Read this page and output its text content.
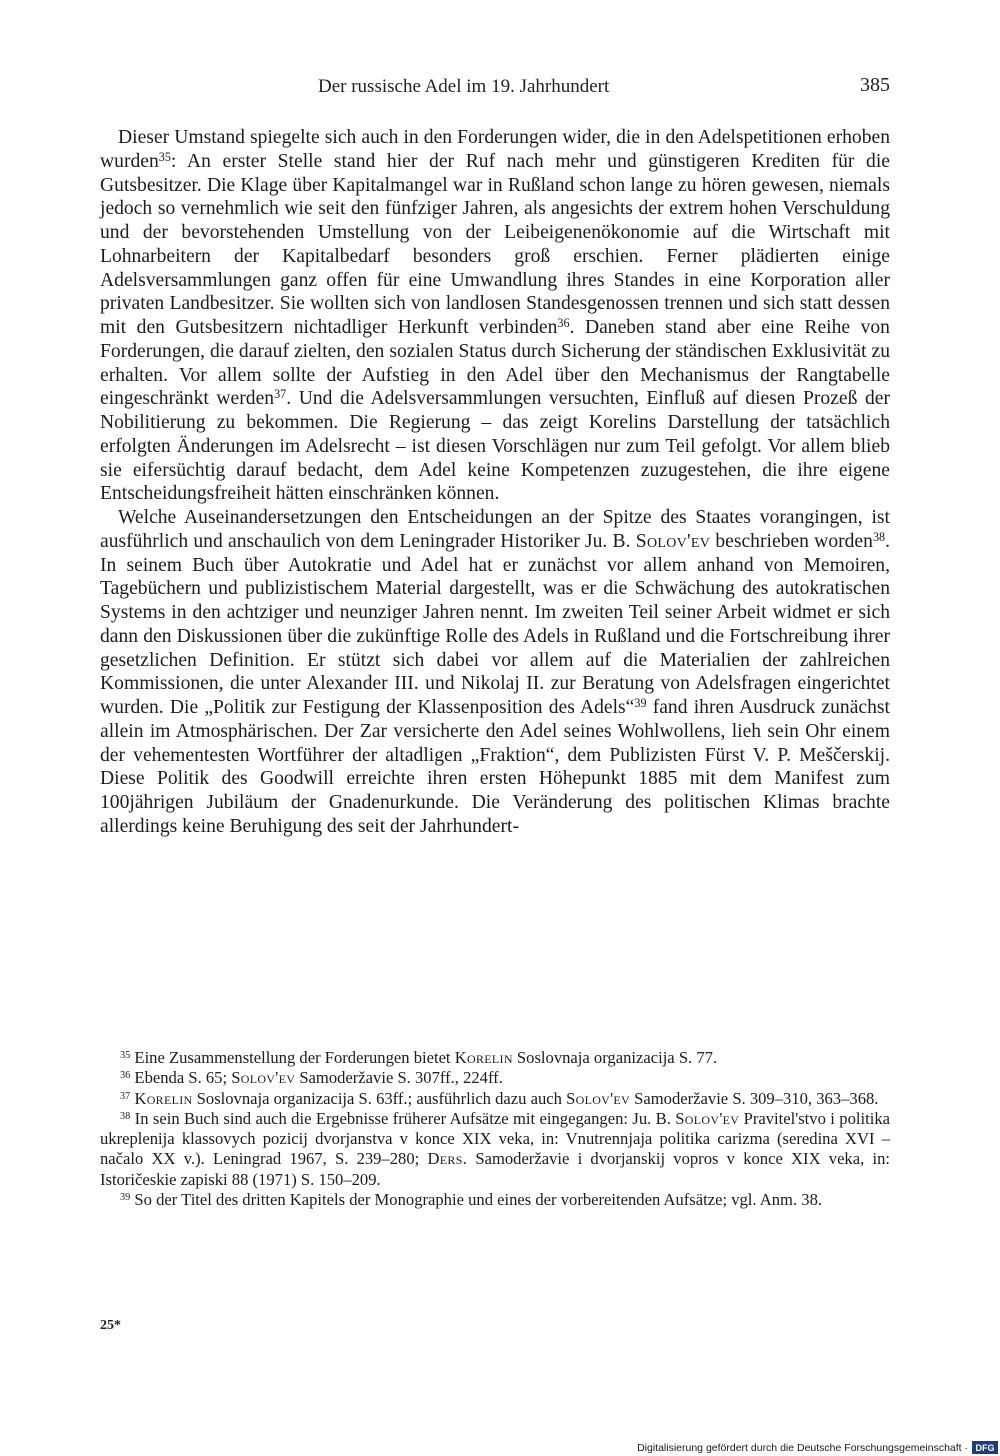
Der russische Adel im 19. Jahrhundert	385

Dieser Umstand spiegelte sich auch in den Forderungen wider, die in den Adelspetitionen erhoben wurden$^{35}$: An erster Stelle stand hier der Ruf nach mehr und günstigeren Krediten für die Gutsbesitzer. Die Klage über Kapitalmangel war in Rußland schon lange zu hören gewesen, niemals jedoch so vernehmlich wie seit den fünfziger Jahren, als angesichts der extrem hohen Verschuldung und der bevorstehenden Umstellung von der Leibeigenenökonomie auf die Wirtschaft mit Lohnarbeitern der Kapitalbedarf besonders groß erschien. Ferner plädierten einige Adelsversammlungen ganz offen für eine Umwandlung ihres Standes in eine Korporation aller privaten Landbesitzer. Sie wollten sich von landlosen Standesgenossen trennen und sich statt dessen mit den Gutsbesitzern nichtadliger Herkunft verbinden$^{36}$. Daneben stand aber eine Reihe von Forderungen, die darauf zielten, den sozialen Status durch Sicherung der ständischen Exklusivität zu erhalten. Vor allem sollte der Aufstieg in den Adel über den Mechanismus der Rangtabelle eingeschränkt werden$^{37}$. Und die Adelsversammlungen versuchten, Einfluß auf diesen Prozeß der Nobilitierung zu bekommen. Die Regierung – das zeigt Korelins Darstellung der tatsächlich erfolgten Änderungen im Adelsrecht – ist diesen Vorschlägen nur zum Teil gefolgt. Vor allem blieb sie eifersüchtig darauf bedacht, dem Adel keine Kompetenzen zuzugestehen, die ihre eigene Entscheidungsfreiheit hätten einschränken können.

Welche Auseinandersetzungen den Entscheidungen an der Spitze des Staates vorangingen, ist ausführlich und anschaulich von dem Leningrader Historiker Ju. B. Solov'ev beschrieben worden$^{38}$. In seinem Buch über Autokratie und Adel hat er zunächst vor allem anhand von Memoiren, Tagebüchern und publizistischem Material dargestellt, was er die Schwächung des autokratischen Systems in den achtziger und neunziger Jahren nennt. Im zweiten Teil seiner Arbeit widmet er sich dann den Diskussionen über die zukünftige Rolle des Adels in Rußland und die Fortschreibung ihrer gesetzlichen Definition. Er stützt sich dabei vor allem auf die Materialien der zahlreichen Kommissionen, die unter Alexander III. und Nikolaj II. zur Beratung von Adelsfragen eingerichtet wurden. Die „Politik zur Festigung der Klassenposition des Adels“$^{39}$ fand ihren Ausdruck zunächst allein im Atmosphärischen. Der Zar versicherte den Adel seines Wohlwollens, lieh sein Ohr einem der vehementesten Wortführer der altadligen „Fraktion“, dem Publizisten Fürst V. P. Meščerskij. Diese Politik des Goodwill erreichte ihren ersten Höhepunkt 1885 mit dem Manifest zum 100jährigen Jubiläum der Gnadenurkunde. Die Veränderung des politischen Klimas brachte allerdings keine Beruhigung des seit der Jahrhundert-

$^{35}$ Eine Zusammenstellung der Forderungen bietet Korelin Soslovnaja organizacija S. 77.

$^{36}$ Ebenda S. 65; Solov'ev Samoderžavie S. 307ff., 224ff.

$^{37}$ Korelin Soslovnaja organizacija S. 63ff.; ausführlich dazu auch Solov'ev Samoderžavie S. 309–310, 363–368.

$^{38}$ In sein Buch sind auch die Ergebnisse früherer Aufsätze mit eingegangen: Ju. B. Solov'ev Pravitel'stvo i politika ukreplenija klassovych pozicij dvorjanstva v konce XIX veka, in: Vnutrennjaja politika carizma (seredina XVI – načalo XX v.). Leningrad 1967, S. 239–280; Ders. Samoderžavie i dvorjanskij vopros v konce XIX veka, in: Istoričeskie zapiski 88 (1971) S. 150–209.

$^{39}$ So der Titel des dritten Kapitels der Monographie und eines der vorbereitenden Aufsätze; vgl. Anm. 38.

25*
Digitalisierung gefördert durch die Deutsche Forschungsgemeinschaft · DFG
